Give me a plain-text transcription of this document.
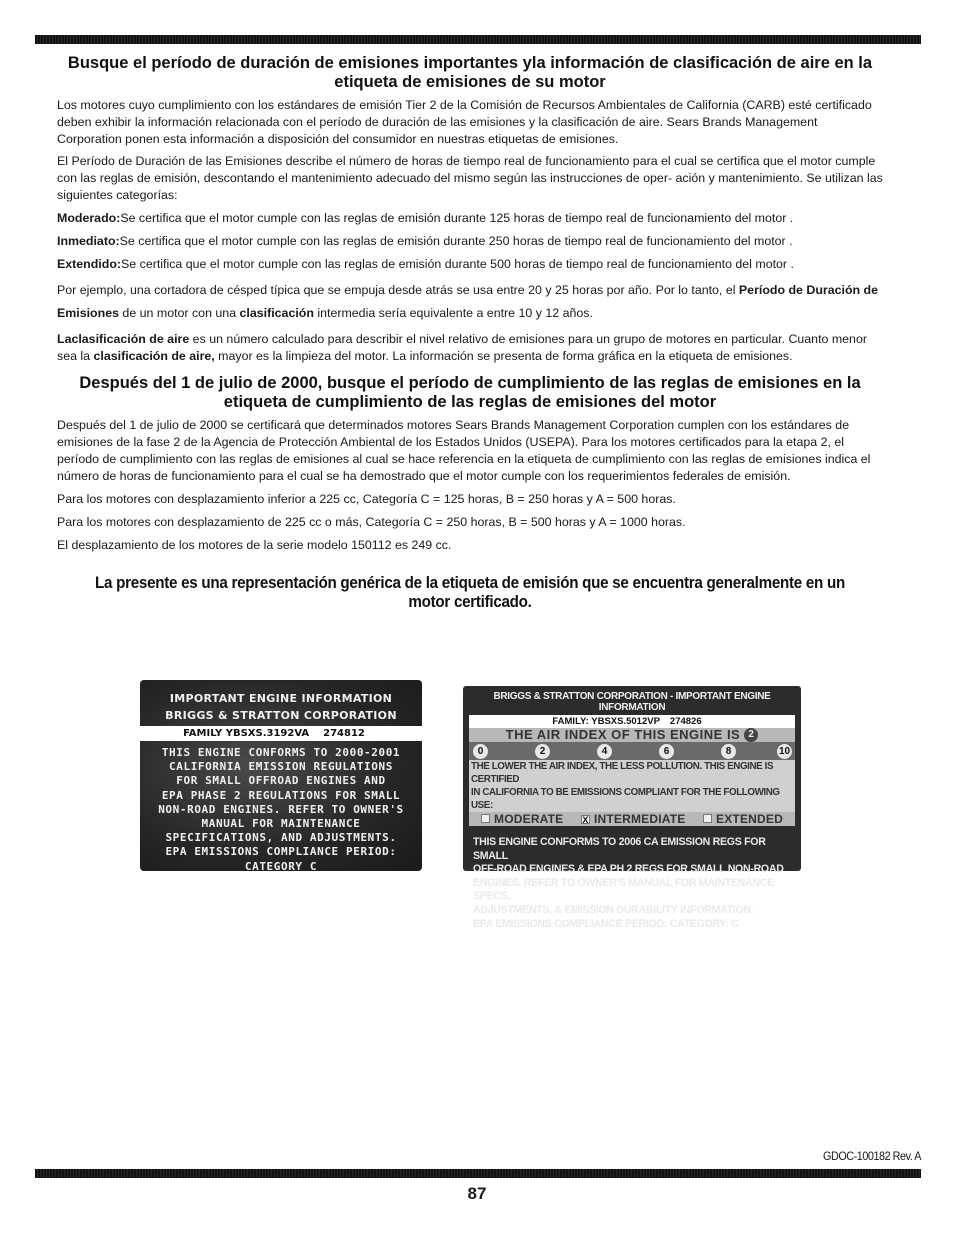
Busque el período de duración de emisiones importantes yla información de clasificación de aire en la etiqueta de emisiones de su motor

Los motores cuyo cumplimiento con los estándares de emisión Tier 2 de la Comisión de Recursos Ambientales de California (CARB) esté certificado deben exhibir la información relacionada con el período de duración de las emisiones y la clasificación de aire. Sears Brands Management Corporation ponen esta información a disposición del consumidor en nuestras etiquetas de emisiones.

El Período de Duración de las Emisiones describe el número de horas de tiempo real de funcionamiento para el cual se certifica que el motor cumple con las reglas de emisión, descontando el mantenimiento adecuado del mismo según las instrucciones de oper- ación y mantenimiento. Se utilizan las siguientes categorías:

Moderado:Se certifica que el motor cumple con las reglas de emisión durante 125 horas de tiempo real de funcionamiento del motor .

Inmediato:Se certifica que el motor cumple con las reglas de emisión durante 250 horas de tiempo real de funcionamiento del motor .

Extendido:Se certifica que el motor cumple con las reglas de emisión durante 500 horas de tiempo real de funcionamiento del motor .

Por ejemplo, una cortadora de césped típica que se empuja desde atrás se usa entre 20 y 25 horas por año. Por lo tanto, el Período de Duración de Emisiones de un motor con una clasificación intermedia sería equivalente a entre 10 y 12 años.

Laclasificación de aire es un número calculado para describir el nivel relativo de emisiones para un grupo de motores en particular. Cuanto menor sea la clasificación de aire, mayor es la limpieza del motor. La información se presenta de forma gráfica en la etiqueta de emisiones.

Después del 1 de julio de 2000, busque el período de cumplimiento de las reglas de emisiones en la etiqueta de cumplimiento de las reglas de emisiones del motor

Después del 1 de julio de 2000 se certificará que determinados motores Sears Brands Management Corporation cumplen con los estándares de emisiones de la fase 2 de la Agencia de Protección Ambiental de los Estados Unidos (USEPA). Para los motores certificados para la etapa 2, el período de cumplimiento con las reglas de emisiones al cual se hace referencia en la etiqueta de cumplimiento con las reglas de emisiones indica el número de horas de funcionamiento para el cual se ha demostrado que el motor cumple con los requerimientos federales de emisión.

Para los motores con desplazamiento inferior a 225 cc, Categoría C = 125 horas, B = 250 horas y A = 500 horas.

Para los motores con desplazamiento de 225 cc o más, Categoría C = 250 horas, B = 500 horas y A = 1000 horas.

El desplazamiento de los motores de la serie modelo 150112 es 249 cc.

La presente es una representación genérica de la etiqueta de emisión que se encuentra generalmente en un motor certificado.
IMPORTANT ENGINE INFORMATION
BRIGGS & STRATTON CORPORATION
FAMILY YBSXS.3192VA 274812
THIS ENGINE CONFORMS TO 2000-2001
CALIFORNIA EMISSION REGULATIONS
FOR SMALL OFFROAD ENGINES AND
EPA PHASE 2 REGULATIONS FOR SMALL
NON-ROAD ENGINES. REFER TO OWNER'S
MANUAL FOR MAINTENANCE
SPECIFICATIONS, AND ADJUSTMENTS.
EPA EMISSIONS COMPLIANCE PERIOD:
CATEGORY C
BRIGGS & STRATTON CORPORATION - IMPORTANT ENGINE INFORMATION
FAMILY: YBSXS.5012VP 274826
THE AIR INDEX OF THIS ENGINE IS 2
0	2	4	6	8	10
THE LOWER THE AIR INDEX, THE LESS POLLUTION. THIS ENGINE IS CERTIFIED
IN CALIFORNIA TO BE EMISSIONS COMPLIANT FOR THE FOLLOWING USE:
MODERATE X INTERMEDIATE	EXTENDED
THIS ENGINE CONFORMS TO 2006 CA EMISSION REGS FOR SMALL
OFF-ROAD ENGINES & EPA PH 2 REGS FOR SMALL NON-ROAD
ENGINES. REFER TO OWNER'S MANUAL FOR MAINTENANCE SPECS,
ADJUSTMENTS, & EMISSION DURABILITY INFORMATION.
EPA EMISSIONS COMPLIANCE PERIOD: CATEGORY: C
GDOC-100182 Rev. A
87
